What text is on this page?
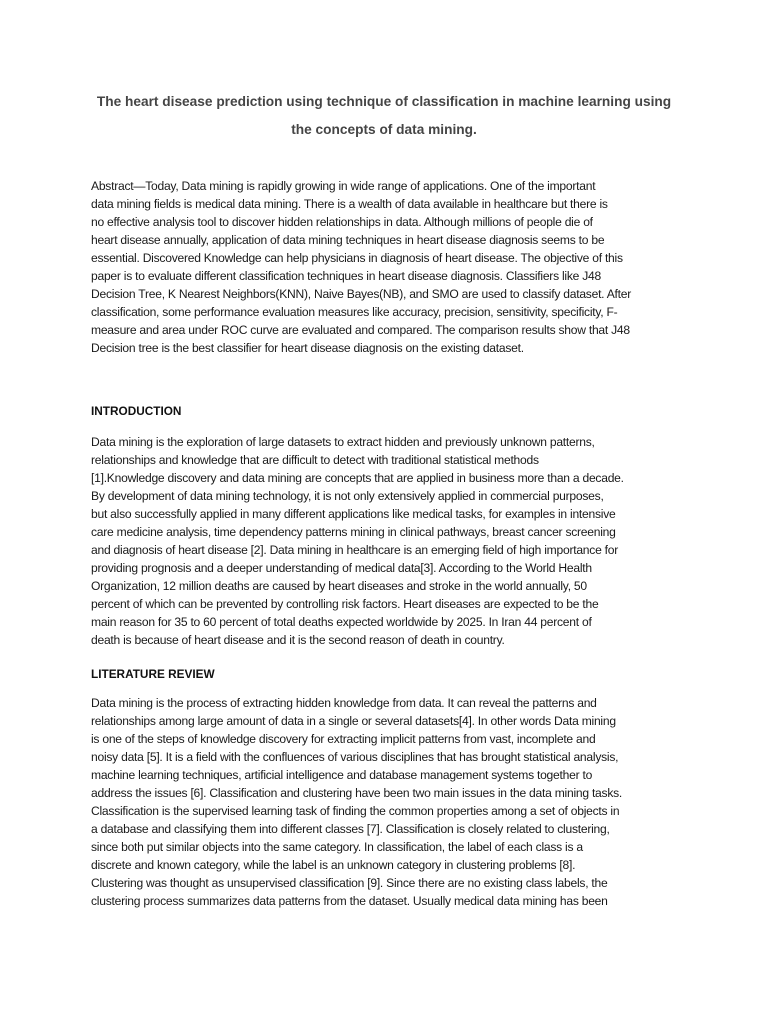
The heart disease prediction using technique of classification in machine learning using
the concepts of data mining.

Abstract—Today, Data mining is rapidly growing in wide range of applications. One of the important

data mining fields is medical data mining. There is a wealth of data available in healthcare but there is

no effective analysis tool to discover hidden relationships in data. Although millions of people die of

heart disease annually, application of data mining techniques in heart disease diagnosis seems to be

essential. Discovered Knowledge can help physicians in diagnosis of heart disease. The objective of this

paper is to evaluate different classification techniques in heart disease diagnosis. Classifiers like J48

Decision Tree, K Nearest Neighbors(KNN), Naive Bayes(NB), and SMO are used to classify dataset. After

classification, some performance evaluation measures like accuracy, precision, sensitivity, specificity, F-

measure and area under ROC curve are evaluated and compared. The comparison results show that J48

Decision tree is the best classifier for heart disease diagnosis on the existing dataset.

INTRODUCTION

Data mining is the exploration of large datasets to extract hidden and previously unknown patterns,

relationships and knowledge that are difficult to detect with traditional statistical methods

[1].Knowledge discovery and data mining are concepts that are applied in business more than a decade.

By development of data mining technology, it is not only extensively applied in commercial purposes,

but also successfully applied in many different applications like medical tasks, for examples in intensive

care medicine analysis, time dependency patterns mining in clinical pathways, breast cancer screening

and diagnosis of heart disease [2]. Data mining in healthcare is an emerging field of high importance for

providing prognosis and a deeper understanding of medical data[3]. According to the World Health

Organization, 12 million deaths are caused by heart diseases and stroke in the world annually, 50

percent of which can be prevented by controlling risk factors. Heart diseases are expected to be the

main reason for 35 to 60 percent of total deaths expected worldwide by 2025. In Iran 44 percent of

death is because of heart disease and it is the second reason of death in country.

LITERATURE REVIEW

Data mining is the process of extracting hidden knowledge from data. It can reveal the patterns and

relationships among large amount of data in a single or several datasets[4]. In other words Data mining

is one of the steps of knowledge discovery for extracting implicit patterns from vast, incomplete and

noisy data [5]. It is a field with the confluences of various disciplines that has brought statistical analysis,

machine learning techniques, artificial intelligence and database management systems together to

address the issues [6]. Classification and clustering have been two main issues in the data mining tasks.

Classification is the supervised learning task of finding the common properties among a set of objects in

a database and classifying them into different classes [7]. Classification is closely related to clustering,

since both put similar objects into the same category. In classification, the label of each class is a

discrete and known category, while the label is an unknown category in clustering problems [8].

Clustering was thought as unsupervised classification [9]. Since there are no existing class labels, the

clustering process summarizes data patterns from the dataset. Usually medical data mining has been
